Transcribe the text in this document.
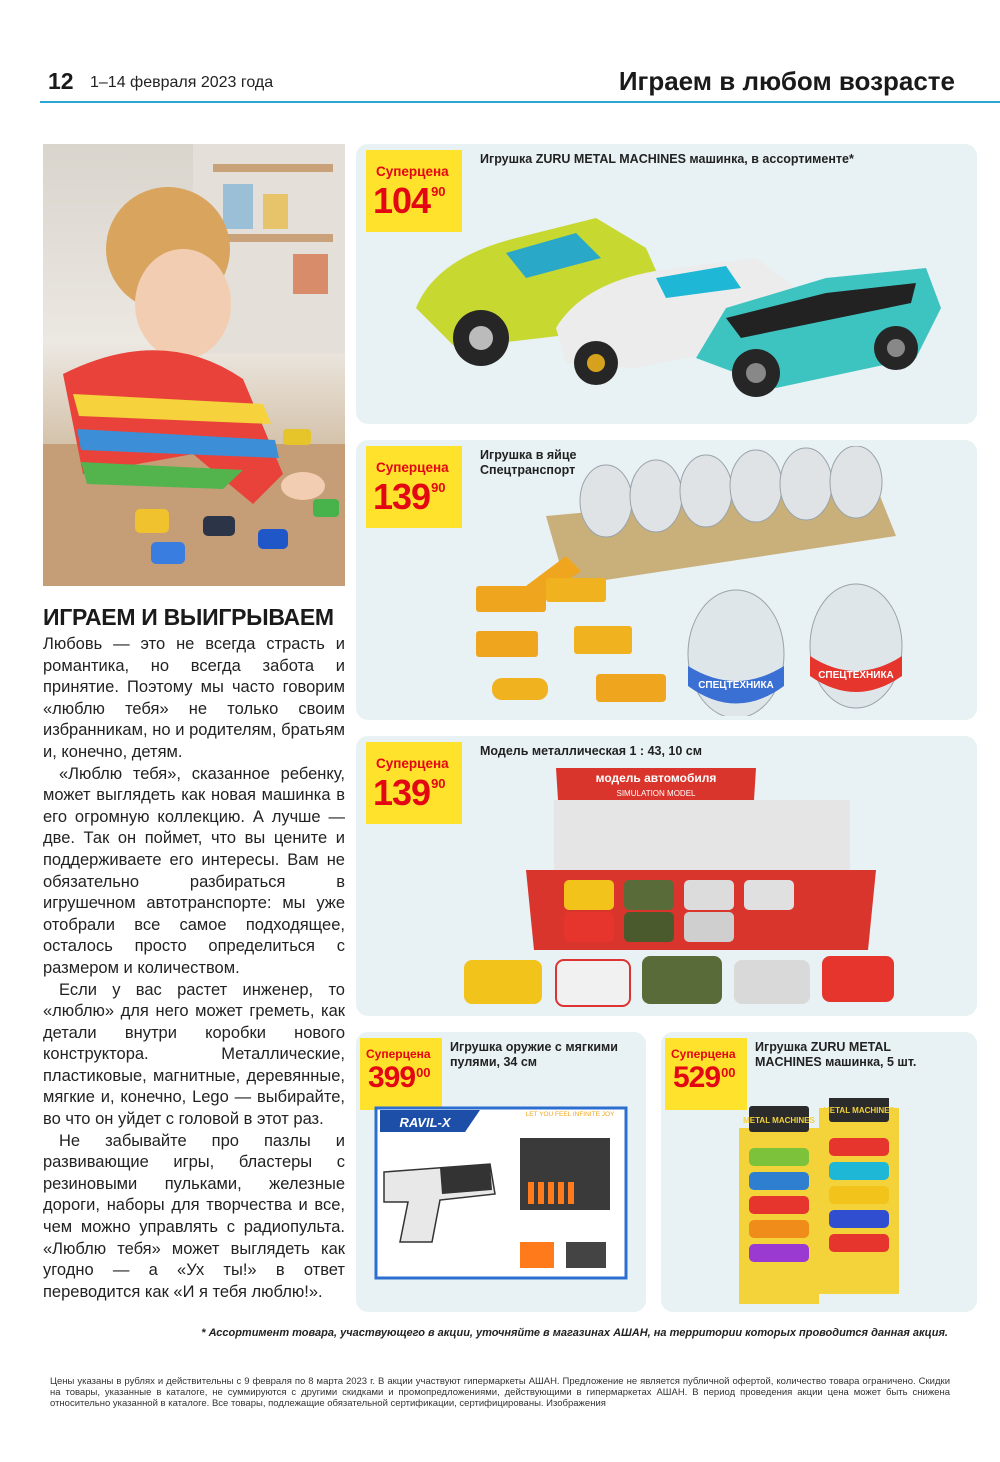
12 1–14 февраля 2023 года	Играем в любом возрасте
ИГРАЕМ И ВЫИГРЫВАЕМ

Любовь — это не всегда страсть и романтика, но всегда забота и принятие. Поэтому мы часто говорим «люблю тебя» не только своим избранникам, но и родителям, братьям и, конечно, детям.

«Люблю тебя», сказанное ребенку, может выглядеть как новая машинка в его огромную коллекцию. А лучше — две. Так он поймет, что вы цените и поддерживаете его интересы. Вам не обязательно разбираться в игрушечном автотранспорте: мы уже отобрали все самое подходящее, осталось просто определиться с размером и количеством.

Если у вас растет инженер, то «люблю» для него может греметь, как детали внутри коробки нового конструктора. Металлические, пластиковые, магнитные, деревянные, мягкие и, конечно, Lego — выбирайте, во что он уйдет с головой в этот раз.

Не забывайте про пазлы и развивающие игры, бластеры с резиновыми пульками, железные дороги, наборы для творчества и все, чем можно управлять с радиопульта. «Люблю тебя» может выглядеть как угодно — а «Ух ты!» в ответ переводится как «И я тебя люблю!».

Суперцена
$104^{90}$
Игрушка ZURU METAL MACHINES машинка, в ассортименте*
Суперцена
$139^{90}$
Игрушка в яйце Спецтранспорт
СПЕЦТЕХНИКА
СПЕЦТЕХНИКА
Суперцена
$139^{90}$
Модель металлическая 1 : 43, 10 см
модель автомобиля
SIMULATION MODEL
Суперцена
$399^{00}$
Игрушка оружие с мягкими пулями, 34 см
RAVIL-X
LET YOU FEEL INFINITE JOY
Суперцена
$529^{00}$
Игрушка ZURU METAL MACHINES машинка, 5 шт.
METAL MACHINES
METAL MACHINES
* Ассортимент товара, участвующего в акции, уточняйте в магазинах АШАН, на территории которых проводится данная акция.
Цены указаны в рублях и действительны с 9 февраля по 8 марта 2023 г. В акции участвуют гипермаркеты АШАН. Предложение не является публичной офертой, количество товара ограничено. Скидки на товары, указанные в каталоге, не суммируются с другими скидками и промопредложениями, действующими в гипермаркетах АШАН. В период проведения акции цена может быть снижена относительно указанной в каталоге. Все товары, подлежащие обязательной сертификации, сертифицированы. Изображения
